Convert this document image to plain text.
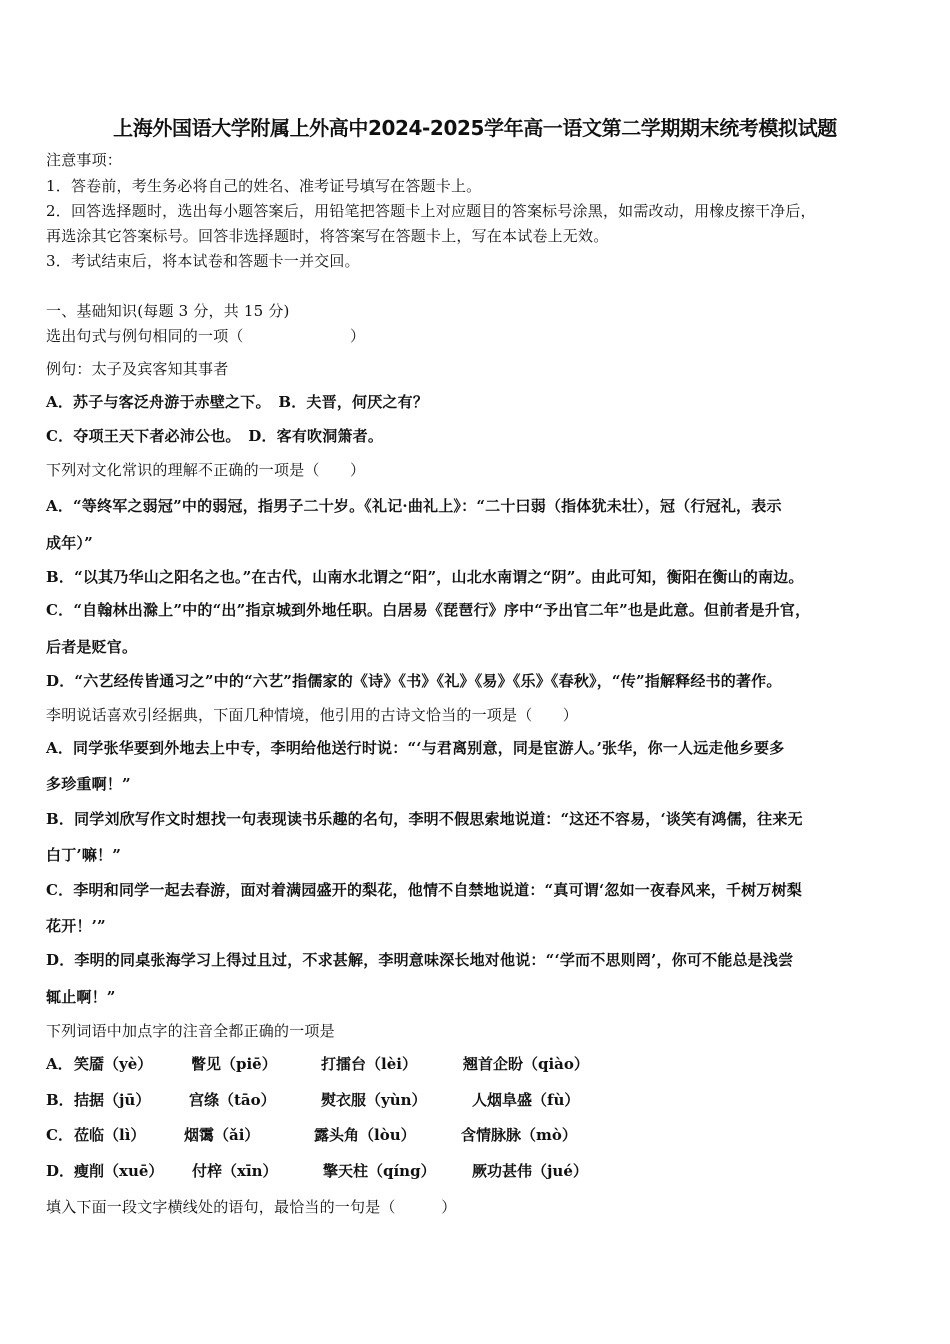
上海外国语大学附属上外高中2024-2025学年高一语文第二学期期末统考模拟试题
注意事项：
1．答卷前，考生务必将自己的姓名、准考证号填写在答题卡上。
2．回答选择题时，选出每小题答案后，用铅笔把答题卡上对应题目的答案标号涂黑，如需改动，用橡皮擦干净后，
再选涂其它答案标号。回答非选择题时，将答案写在答题卡上，写在本试卷上无效。
3．考试结束后，将本试卷和答题卡一并交回。
一、基础知识(每题 3 分，共 15 分)
选出句式与例句相同的一项（　　　　　　　）
例句：太子及宾客知其事者
A．苏子与客泛舟游于赤壁之下。　B．夫晋，何厌之有？
C．夺项王天下者必沛公也。　D．客有吹洞箫者。
下列对文化常识的理解不正确的一项是（　　）
A．“等终军之弱冠”中的弱冠，指男子二十岁。《礼记·曲礼上》：“二十曰弱（指体犹未壮），冠（行冠礼，表示
成年）”
B．“以其乃华山之阳名之也。”在古代，山南水北谓之“阳”，山北水南谓之“阴”。由此可知，衡阳在衡山的南边。
C．“自翰林出滁上”中的“出”指京城到外地任职。白居易《琵琶行》序中“予出官二年”也是此意。但前者是升官，
后者是贬官。
D．“六艺经传皆通习之”中的“六艺”指儒家的《诗》《书》《礼》《易》《乐》《春秋》，“传”指解释经书的著作。
李明说话喜欢引经据典，下面几种情境，他引用的古诗文恰当的一项是（　　）
A．同学张华要到外地去上中专，李明给他送行时说：“‘与君离别意，同是宦游人。’张华，你一人远走他乡要多
多珍重啊！”
B．同学刘欣写作文时想找一句表现读书乐趣的名句，李明不假思索地说道：“这还不容易，‘谈笑有鸿儒，往来无
白丁’嘛！”
C．李明和同学一起去春游，面对着满园盛开的梨花，他情不自禁地说道：“真可谓‘忽如一夜春风来，千树万树梨
花开！’”
D．李明的同桌张海学习上得过且过，不求甚解，李明意味深长地对他说：“‘学而不思则罔’，你可不能总是浅尝
辄止啊！”
下列词语中加点字的注音全都正确的一项是
A． 笑靥（yè）	瞥见（piē）	打擂台（lèi）	翘首企盼（qiào）
B． 拮据（jū）	宫绦（tāo）	熨衣服（yùn）	人烟阜盛（fù）
C． 莅临（lì）	烟霭（ǎi）	露头角（lòu）	含情脉脉（mò）
D． 瘦削（xuē） 付梓（xīn）	擎天柱（qíng） 厥功甚伟（jué）
填入下面一段文字横线处的语句，最恰当的一句是（　　　）
